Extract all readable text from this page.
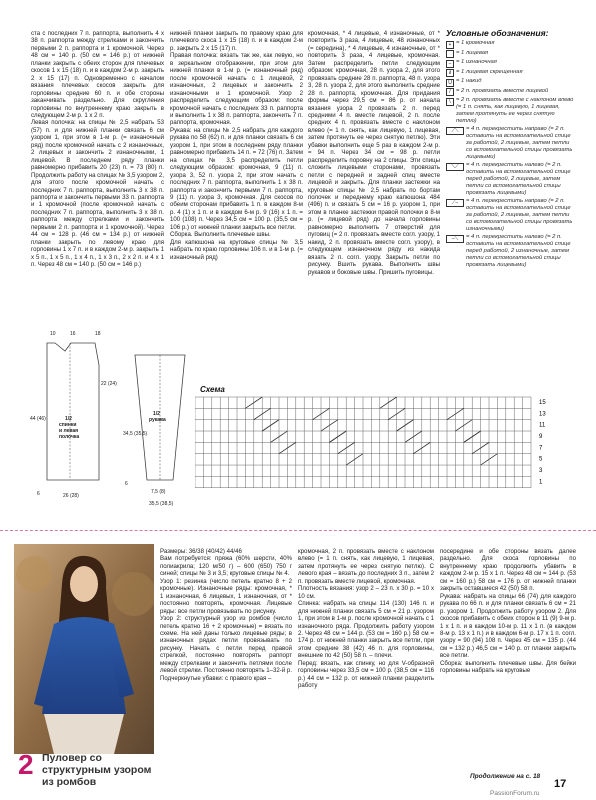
ста с последних 7 п. раппорта, выполнить 4 х 38 п. раппорта между стрелками и закончить первыми 2 п. раппорта и 1 кромочной. Через 48 см = 140 р. (50 см = 146 р.) от нижней планки закрыть с обеих сторон для плечевых скосов 1 х 15 (18) п. и в каждом 2-м р. закрыть 2 х 15 (17) п. Одновременно с началом вязания плечевых скосов закрыть для горловины средние 60 п. и обе стороны заканчивать раздельно. Для скругления горловины по внутреннему краю закрыть в следующем 2-м р. 1 х 2 п.

Левая полочка: на спицы № 2,5 набрать 53 (57) п. и для нижней планки связать 6 см узором 1, при этом в 1-м р. (= изнаночный ряд) после кромочной начать с 2 изнаночных, 2 лицевых и закончить 2 изнаночными, 1 лицевой. В последнем ряду планки равномерно прибавить 20 (23) п. = 73 (80) п. Продолжить работу на спицах № 3,5 узором 2, для этого после кромочной начать с последних 7 п. раппорта, выполнить 3 х 38 п. раппорта и закончить первыми 33 п. раппорта и 1 кромочной (после кромочной начать с последних 7 п. раппорта, выполнить 3 х 38 п. раппорта между стрелками и закончить первыми 2 п. раппорта и 1 кромочной). Через 44 см = 128 р. (46 см = 134 р.) от нижней планки закрыть по левому краю для горловины 1 х 7 п. и в каждом 2-м р. закрыть 1 х 5 п., 1 х 5 п., 1 х 4 п., 1 х 3 п., 2 х 2 п. и 4 х 1 п. Через 48 см = 140 р. (50 см = 146 р.)

нижней планки закрыть по правому краю для плечевого скоса 1 х 15 (18) п. и в каждом 2-м р. закрыть 2 х 15 (17) п.

Правая полочка: вязать так же, как левую, но в зеркальном отображении, при этом для нижней планки в 1-м р. (= изнаночный ряд) после кромочной начать с 1 лицевой, 2 изнаночных, 2 лицевых и закончить 2 изнаночными и 1 кромочной. Узор 2 распределить следующим образом: после кромочной начать с последних 33 п. раппорта и выполнить 1 х 38 п. раппорта, закончить 7 п. раппорта, кромочная.

Рукава: на спицы № 2,5 набрать для каждого рукава по 58 (62) п. и для планки связать 6 см узором 1, при этом в последнем ряду планки равномерно прибавить 14 п. = 72 (76) п. Затем на спицах № 3,5 распределить петли следующим образом: кромочная, 9 (11) п. узора 3, 52 п. узора 2, при этом начать с последних 7 п. раппорта, выполнить 1 х 38 п. раппорта и закончить первыми 7 п. раппорта, 9 (11) п. узора 3, кромочная. Для скосов по обеим сторонам прибавить 1 п. в каждом 8-м р. 4 (1) х 1 п. и в каждом 6-м р. 9 (16) х 1 п. = 100 (108) п. Через 34,5 см = 100 р. (35,5 см = 106 р.) от нижней планки закрыть все петли.

Сборка. Выполнить плечевые швы.

Для капюшона на круговые спицы № 3,5 набрать по краю горловины 106 п. и в 1-м р. (= изнаночный ряд)

кромочная, * 4 лицевые, 4 изнаночные, от * повторить 3 раза, 4 лицевые, 48 изнаночных (= середина), * 4 лицевые, 4 изнаночные, от * повторить 3 раза, 4 лицевые, кромочная. Затем распределить петли следующим образом: кромочная, 28 п. узора 2, для этого провязать средние 28 п. раппорта, 48 п. узора 3, 28 п. узора 2, для этого выполнить средние 28 п. раппорта, кромочная. Для придания формы через 29,5 см = 86 р. от начала вязания узора 2 провязать 2 п. перед средними 4 п. вместе лицевой, 2 п. после средних 4 п. провязать вместе с наклоном влево (= 1 п. снять, как лицевую, 1 лицевая, затем протянуть ее через снятую петлю). Эти убавки выполнить еще 5 раз в каждом 2-м р. = 94 п. Через 34 см = 98 р. петли распределить поровну на 2 спицы. Эти спицы сложить лицевыми сторонами, провязать петли с передней и задней спиц вместе лицевой и закрыть. Для планки застежки на круговые спицы № 2,5 набрать по бортам полочек и переднему краю капюшона 484 (496) п. и связать 5 см = 16 р. узором 1, при этом в планке застежки правой полочки в 8-м р. (= лицевой ряд) до начала горловины равномерно выполнить 7 отверстий для пуговиц (= 2 п. провязать вместе согл. узору, 1 накид, 2 п. провязать вместе согл. узору), в следующем изнаночном ряду из накида вязать 2 п. согл. узору. Закрыть петли по рисунку. Вшить рукава. Выполнить швы рукавов и боковые швы. Пришить пуговицы.

Условные обозначения:
+ = 1 кромочная
= 1 лицевая
– = 1 изнаночная
∂ = 1 лицевая скрещенная
U = 1 накид
/ = 2 п. провязать вместе лицевой
\ = 2 п. провязать вместе с наклоном влево (= 1 п. снять, как лицевую, 1 лицевая, затем протянуть ее через снятую петлю)
⟋⟍	= 4 п. перекрестить направо (= 2 п. оставить на вспомогательной спице за работой, 2 лицевые, затем петли со вспомогательной спицы провязать лицевыми)
⟍⟋	= 4 п. перекрестить налево (= 2 п. оставить на вспомогательной спице перед работой, 2 лицевые, затем петли со вспомогательной спицы провязать лицевыми)
⟋–	= 4 п. перекрестить направо (= 2 п. оставить на вспомогательной спице за работой, 2 лицевые, затем петли со вспомогательной спицы провязать изнаночными)
–⟍	= 4 п. перекрестить налево (= 2 п. оставить на вспомогательной спице перед работой, 2 изнаночные, затем петли со вспомогательной спицы провязать лицевыми)
10	16	18
1/2 спинки и левая полочка
1/2 рукава
22 (24)
44 (46)
6	26 (28)
34,5 (35,5)
6
7,5 (8)
35,5 (38,5)
Схема
15
13
11
9
7
5
3
1
2 Пуловер со структурным узором из ромбов

Размеры: 36/38 (40/42) 44/46

Вам потребуется: пряжа (60% шерсти, 40% полиакрила; 120 м/50 г) – 600 (650) 750 г синей; спицы № 3 и 3,5; круговые спицы № 4.

Узор 1: резинка (число петель кратно 8 + 2 кромочные). Изнаночные ряды: кромочная, * 1 изнаночная, 6 лицевых, 1 изнаночная, от * постоянно повторять, кромочная. Лицевые ряды: все петли провязывать по рисунку.

Узор 2: структурный узор из ромбов (число петель кратно 16 + 2 кромочные) = вязать по схеме. На ней даны только лицевые ряды; в изнаночных рядах петли провязывать по рисунку. Начать с петли перед правой стрелкой, постоянно повторять раппорт между стрелками и закончить петлями после левой стрелки. Постоянно повторять 1–32-й р.

Подчеркнутые убавки: с правого края –

кромочная, 2 п. провязать вместе с наклоном влево (= 1 п. снять, как лицевую, 1 лицевая, затем протянуть ее через снятую петлю). С левого края – вязать до последних 3 п., затем 2 п. провязать вместе лицевой, кромочная.

Плотность вязания: узор 2 – 23 п. х 30 р. = 10 х 10 см.

Спинка: набрать на спицы 114 (130) 146 п. и для нижней планки связать 5 см = 21 р. узором 1, при этом в 1-м р. после кромочной начать с 1 изнаночного ряда. Продолжить работу узором 2. Через 48 см = 144 р. (53 см = 160 р.) 58 см = 174 р. от нижней планки закрыть все петли, при этом средние 38 (42) 46 п. для горловины, внешние по 42 (50) 58 п. – плечи.

Перед: вязать, как спинку, но для V-образной горловины через 33,5 см = 100 р. (38,5 см = 116 р.) 44 см = 132 р. от нижней планки разделить работу

посередине и обе стороны вязать далее раздельно. Для скоса горловины по внутреннему краю продолжить убавить в каждом 2-м р. 15 х 1 п. Через 48 см = 144 р. (53 см = 160 р.) 58 см = 176 р. от нижней планки закрыть оставшиеся 42 (50) 58 п.

Рукава: набрать на спицы 66 (74) для каждого рукава по 66 п. и для планки связать 6 см = 21 р. узором 1. Продолжить работу узором 2. Для скосов прибавить с обеих сторон в 11 (9) 9-м р. 1 х 1 п. и в каждом 10-м р. 11 х 1 п. (в каждом 8-м р. 13 х 1 п.) и в каждом 6-м р. 17 х 1 п. согл. узору = 90 (94) 108 п. Через 45 см = 135 р. (44 см = 132 р.) 46,5 см = 140 р. от планки закрыть все петли.

Сборка: выполнить плечевые швы. Для бейки горловины набрать на круговые

Продолжение на с. 18
17
PassionForum.ru
